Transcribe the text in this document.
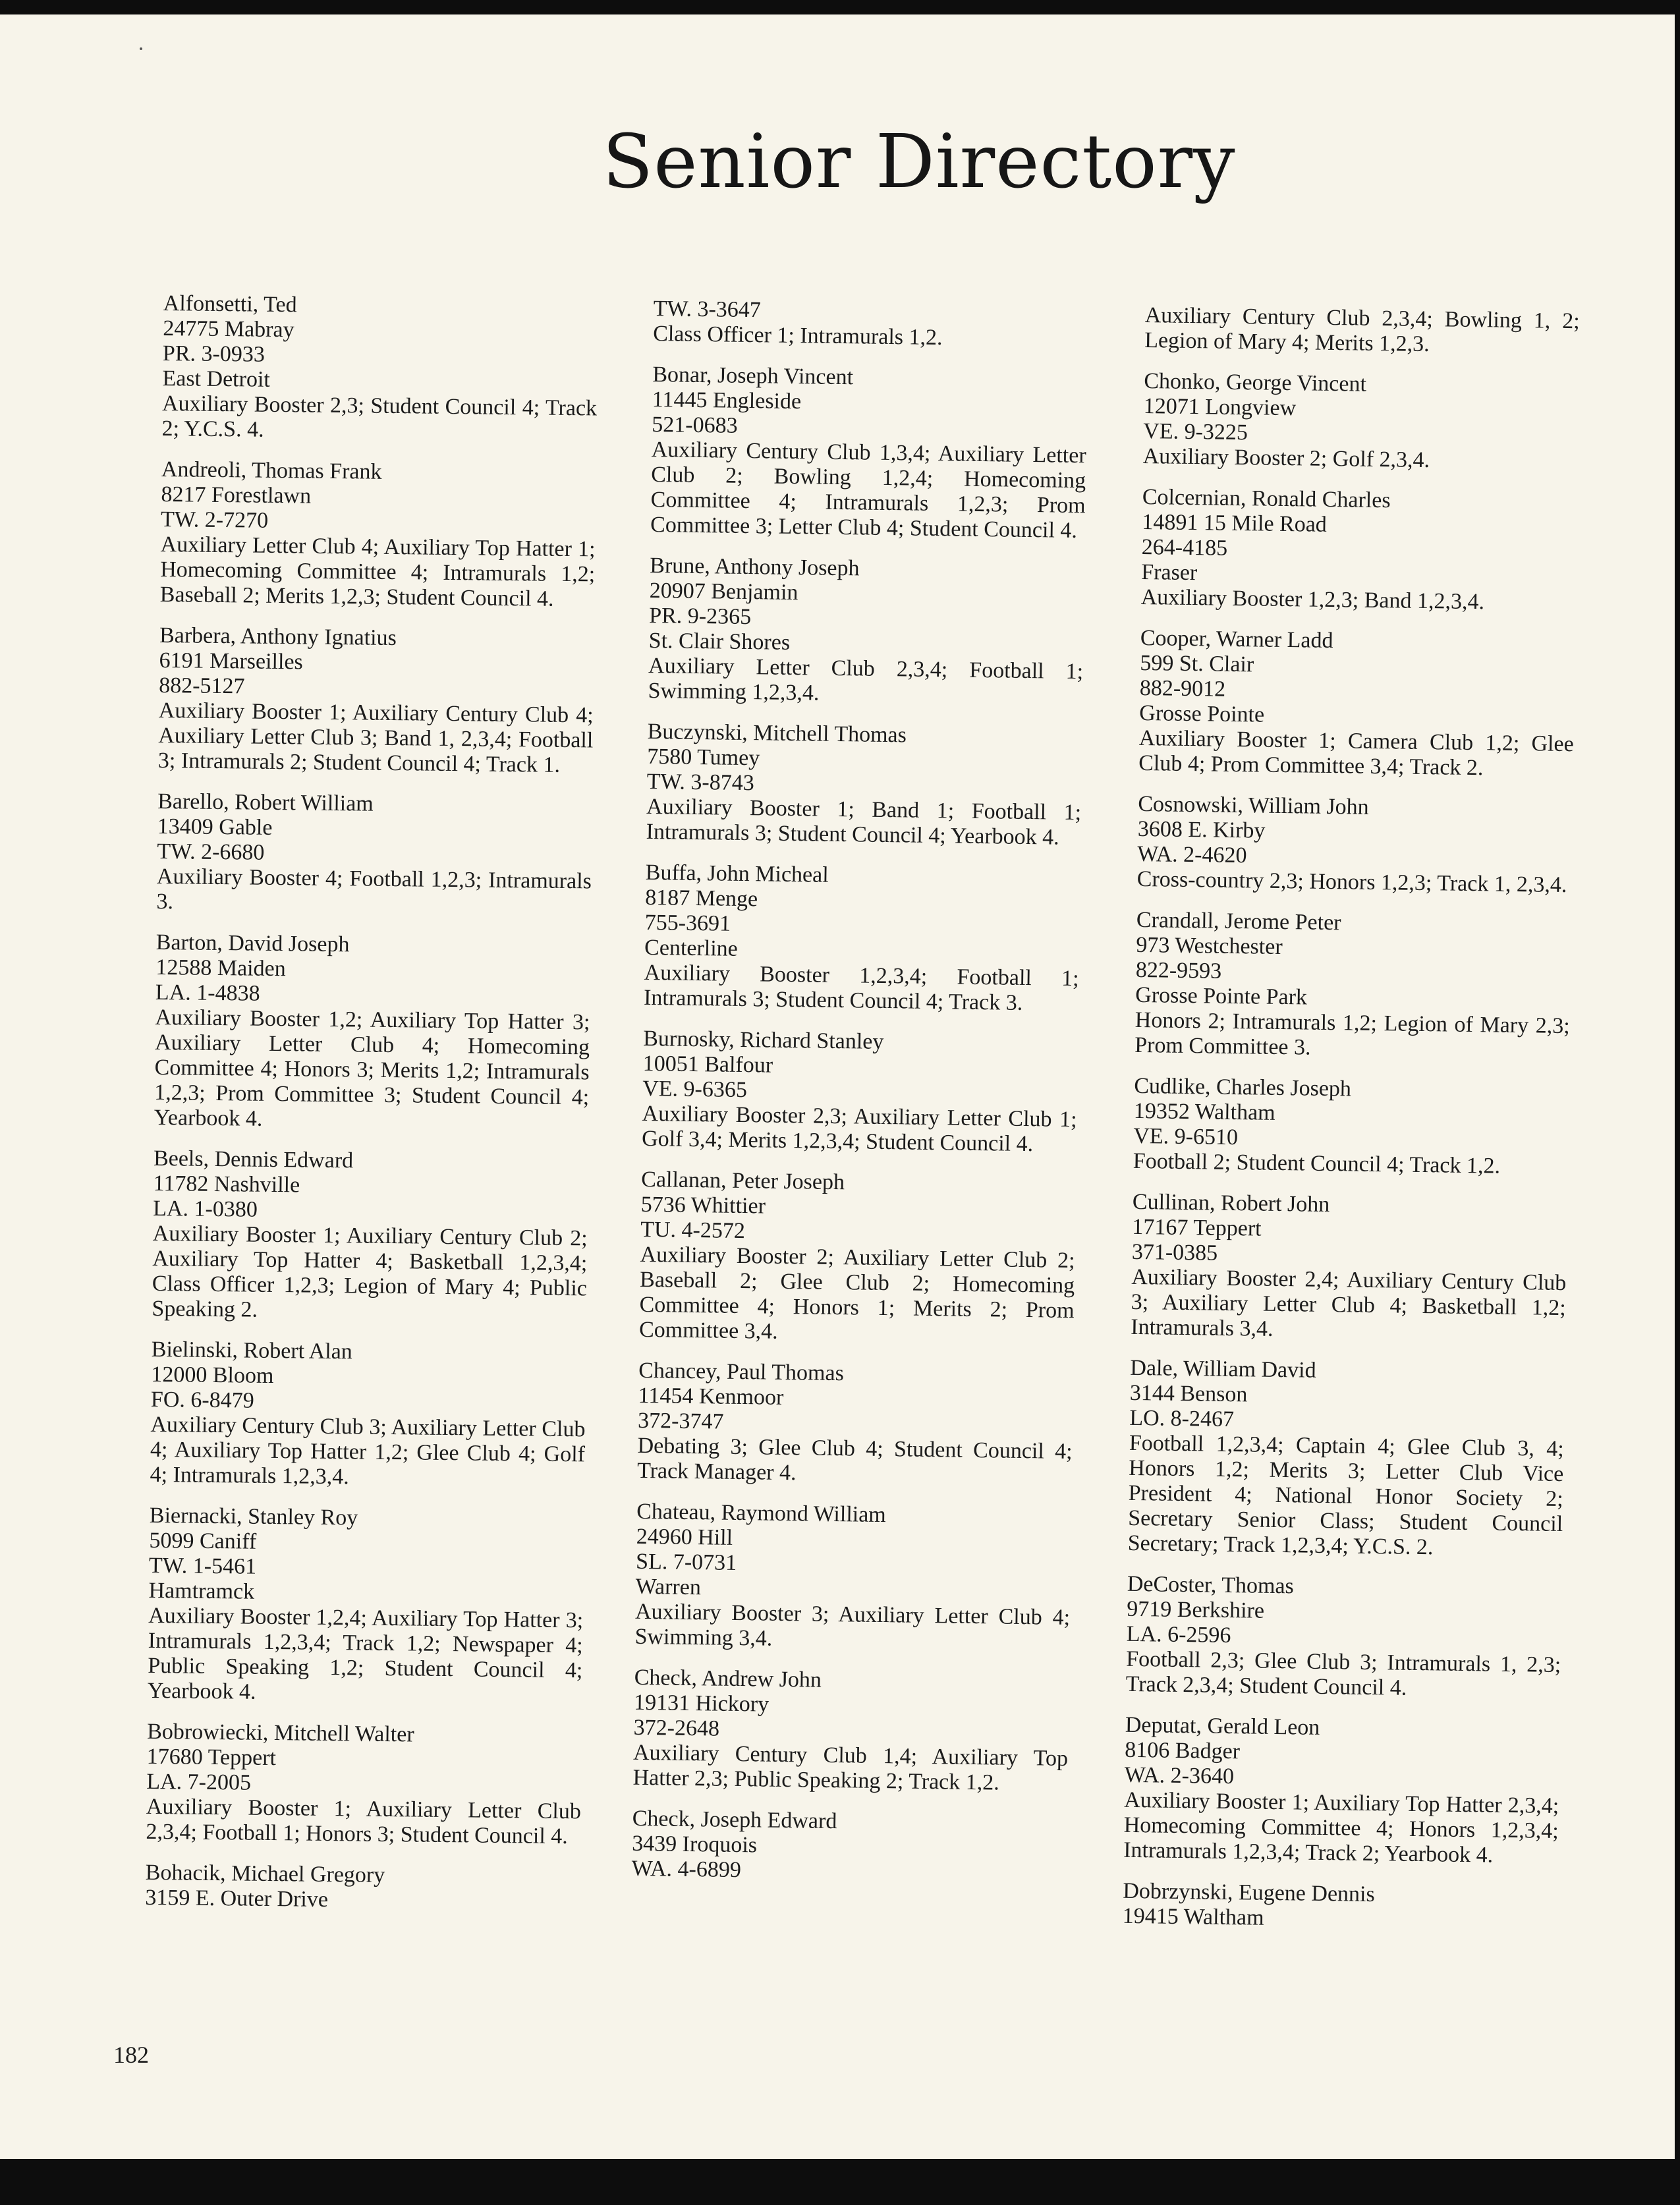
Senior Directory
Alfonsetti, Ted
24775 Mabray
PR. 3-0933
East Detroit
Auxiliary Booster 2,3; Student Council 4; Track 2; Y.C.S. 4.
Andreoli, Thomas Frank
8217 Forestlawn
TW. 2-7270
Auxiliary Letter Club 4; Auxiliary Top Hatter 1; Homecoming Committee 4; Intramurals 1,2; Baseball 2; Merits 1,2,3; Student Council 4.
Barbera, Anthony Ignatius
6191 Marseilles
882-5127
Auxiliary Booster 1; Auxiliary Century Club 4; Auxiliary Letter Club 3; Band 1, 2,3,4; Football 3; Intramurals 2; Student Council 4; Track 1.
Barello, Robert William
13409 Gable
TW. 2-6680
Auxiliary Booster 4; Football 1,2,3; Intramurals 3.
Barton, David Joseph
12588 Maiden
LA. 1-4838
Auxiliary Booster 1,2; Auxiliary Top Hatter 3; Auxiliary Letter Club 4; Homecoming Committee 4; Honors 3; Merits 1,2; Intramurals 1,2,3; Prom Committee 3; Student Council 4; Yearbook 4.
Beels, Dennis Edward
11782 Nashville
LA. 1-0380
Auxiliary Booster 1; Auxiliary Century Club 2; Auxiliary Top Hatter 4; Basketball 1,2,3,4; Class Officer 1,2,3; Legion of Mary 4; Public Speaking 2.
Bielinski, Robert Alan
12000 Bloom
FO. 6-8479
Auxiliary Century Club 3; Auxiliary Letter Club 4; Auxiliary Top Hatter 1,2; Glee Club 4; Golf 4; Intramurals 1,2,3,4.
Biernacki, Stanley Roy
5099 Caniff
TW. 1-5461
Hamtramck
Auxiliary Booster 1,2,4; Auxiliary Top Hatter 3; Intramurals 1,2,3,4; Track 1,2; Newspaper 4; Public Speaking 1,2; Student Council 4; Yearbook 4.
Bobrowiecki, Mitchell Walter
17680 Teppert
LA. 7-2005
Auxiliary Booster 1; Auxiliary Letter Club 2,3,4; Football 1; Honors 3; Student Council 4.
Bohacik, Michael Gregory
3159 E. Outer Drive
TW. 3-3647
Class Officer 1; Intramurals 1,2.
Bonar, Joseph Vincent
11445 Engleside
521-0683
Auxiliary Century Club 1,3,4; Auxiliary Letter Club 2; Bowling 1,2,4; Homecoming Committee 4; Intramurals 1,2,3; Prom Committee 3; Letter Club 4; Student Council 4.
Brune, Anthony Joseph
20907 Benjamin
PR. 9-2365
St. Clair Shores
Auxiliary Letter Club 2,3,4; Football 1; Swimming 1,2,3,4.
Buczynski, Mitchell Thomas
7580 Tumey
TW. 3-8743
Auxiliary Booster 1; Band 1; Football 1; Intramurals 3; Student Council 4; Yearbook 4.
Buffa, John Micheal
8187 Menge
755-3691
Centerline
Auxiliary Booster 1,2,3,4; Football 1; Intramurals 3; Student Council 4; Track 3.
Burnosky, Richard Stanley
10051 Balfour
VE. 9-6365
Auxiliary Booster 2,3; Auxiliary Letter Club 1; Golf 3,4; Merits 1,2,3,4; Student Council 4.
Callanan, Peter Joseph
5736 Whittier
TU. 4-2572
Auxiliary Booster 2; Auxiliary Letter Club 2; Baseball 2; Glee Club 2; Homecoming Committee 4; Honors 1; Merits 2; Prom Committee 3,4.
Chancey, Paul Thomas
11454 Kenmoor
372-3747
Debating 3; Glee Club 4; Student Council 4; Track Manager 4.
Chateau, Raymond William
24960 Hill
SL. 7-0731
Warren
Auxiliary Booster 3; Auxiliary Letter Club 4; Swimming 3,4.
Check, Andrew John
19131 Hickory
372-2648
Auxiliary Century Club 1,4; Auxiliary Top Hatter 2,3; Public Speaking 2; Track 1,2.
Check, Joseph Edward
3439 Iroquois
WA. 4-6899
Auxiliary Century Club 2,3,4; Bowling 1, 2; Legion of Mary 4; Merits 1,2,3.
Chonko, George Vincent
12071 Longview
VE. 9-3225
Auxiliary Booster 2; Golf 2,3,4.
Colcernian, Ronald Charles
14891 15 Mile Road
264-4185
Fraser
Auxiliary Booster 1,2,3; Band 1,2,3,4.
Cooper, Warner Ladd
599 St. Clair
882-9012
Grosse Pointe
Auxiliary Booster 1; Camera Club 1,2; Glee Club 4; Prom Committee 3,4; Track 2.
Cosnowski, William John
3608 E. Kirby
WA. 2-4620
Cross-country 2,3; Honors 1,2,3; Track 1, 2,3,4.
Crandall, Jerome Peter
973 Westchester
822-9593
Grosse Pointe Park
Honors 2; Intramurals 1,2; Legion of Mary 2,3; Prom Committee 3.
Cudlike, Charles Joseph
19352 Waltham
VE. 9-6510
Football 2; Student Council 4; Track 1,2.
Cullinan, Robert John
17167 Teppert
371-0385
Auxiliary Booster 2,4; Auxiliary Century Club 3; Auxiliary Letter Club 4; Basketball 1,2; Intramurals 3,4.
Dale, William David
3144 Benson
LO. 8-2467
Football 1,2,3,4; Captain 4; Glee Club 3, 4; Honors 1,2; Merits 3; Letter Club Vice President 4; National Honor Society 2; Secretary Senior Class; Student Council Secretary; Track 1,2,3,4; Y.C.S. 2.
DeCoster, Thomas
9719 Berkshire
LA. 6-2596
Football 2,3; Glee Club 3; Intramurals 1, 2,3; Track 2,3,4; Student Council 4.
Deputat, Gerald Leon
8106 Badger
WA. 2-3640
Auxiliary Booster 1; Auxiliary Top Hatter 2,3,4; Homecoming Committee 4; Honors 1,2,3,4; Intramurals 1,2,3,4; Track 2; Yearbook 4.
Dobrzynski, Eugene Dennis
19415 Waltham
182
